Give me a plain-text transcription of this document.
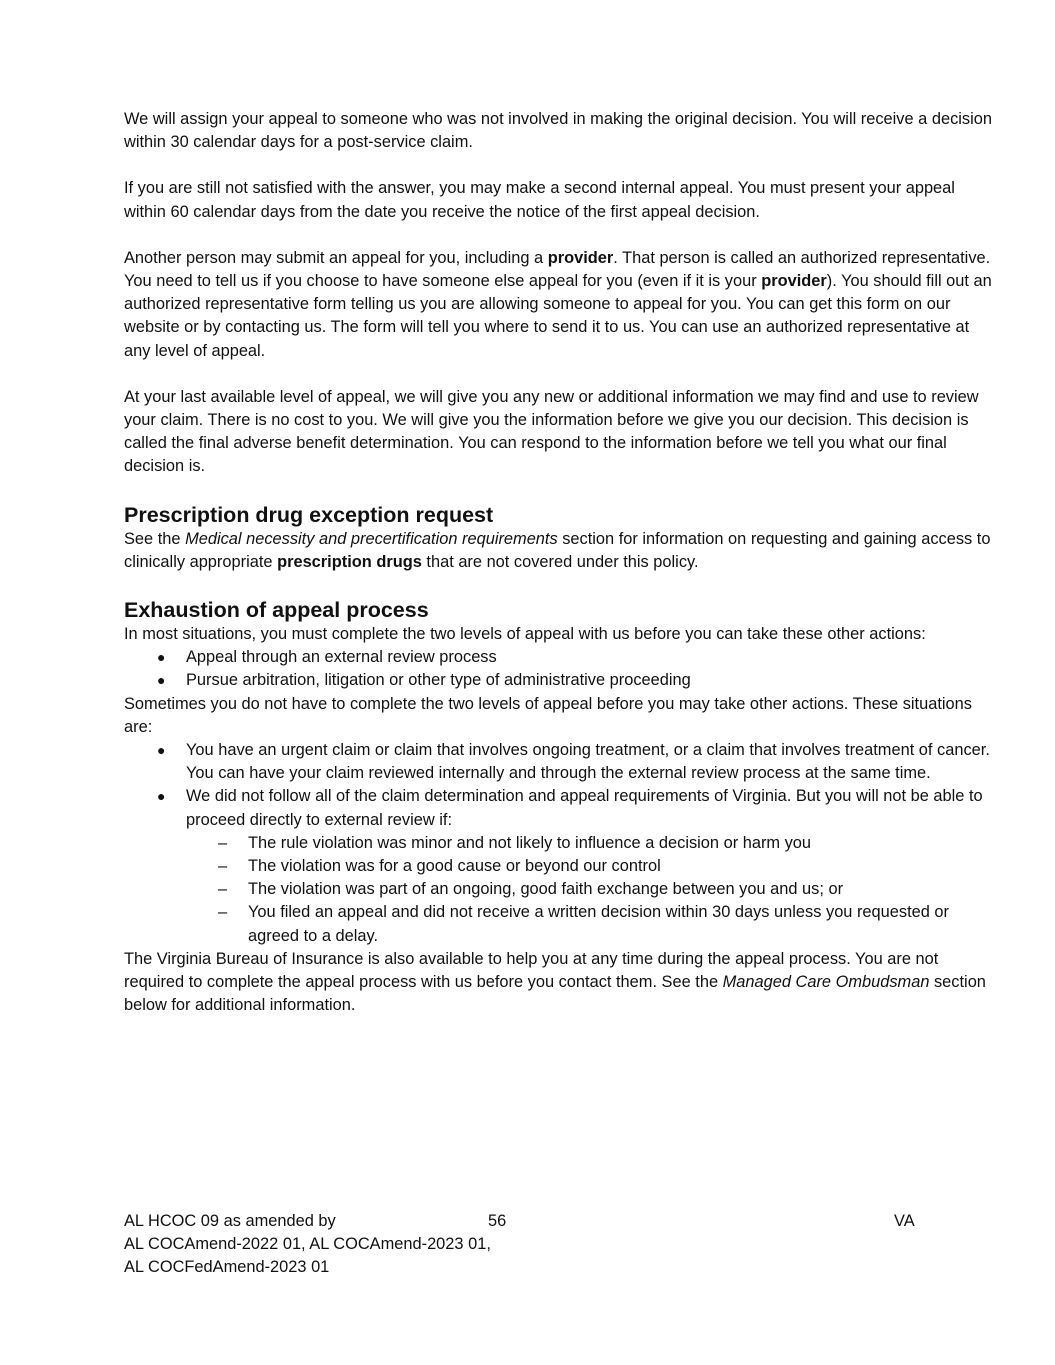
We will assign your appeal to someone who was not involved in making the original decision. You will receive a decision within 30 calendar days for a post-service claim.

If you are still not satisfied with the answer, you may make a second internal appeal. You must present your appeal within 60 calendar days from the date you receive the notice of the first appeal decision.

Another person may submit an appeal for you, including a provider. That person is called an authorized representative. You need to tell us if you choose to have someone else appeal for you (even if it is your provider). You should fill out an authorized representative form telling us you are allowing someone to appeal for you. You can get this form on our website or by contacting us. The form will tell you where to send it to us. You can use an authorized representative at any level of appeal.

At your last available level of appeal, we will give you any new or additional information we may find and use to review your claim. There is no cost to you. We will give you the information before we give you our decision. This decision is called the final adverse benefit determination. You can respond to the information before we tell you what our final decision is.

Prescription drug exception request
See the Medical necessity and precertification requirements section for information on requesting and gaining access to clinically appropriate prescription drugs that are not covered under this policy.
Exhaustion of appeal process
In most situations, you must complete the two levels of appeal with us before you can take these other actions:
● Appeal through an external review process
● Pursue arbitration, litigation or other type of administrative proceeding
Sometimes you do not have to complete the two levels of appeal before you may take other actions. These situations are:
● You have an urgent claim or claim that involves ongoing treatment, or a claim that involves treatment of cancer. You can have your claim reviewed internally and through the external review process at the same time.
● We did not follow all of the claim determination and appeal requirements of Virginia. But you will not be able to proceed directly to external review if:
– The rule violation was minor and not likely to influence a decision or harm you
– The violation was for a good cause or beyond our control
– The violation was part of an ongoing, good faith exchange between you and us; or
– You filed an appeal and did not receive a written decision within 30 days unless you requested or agreed to a delay.

The Virginia Bureau of Insurance is also available to help you at any time during the appeal process. You are not required to complete the appeal process with us before you contact them. See the Managed Care Ombudsman section below for additional information.

AL HCOC 09 as amended by
AL COCAmend-2022 01, AL COCAmend-2023 01,
AL COCFedAmend-2023 01
56	VA
